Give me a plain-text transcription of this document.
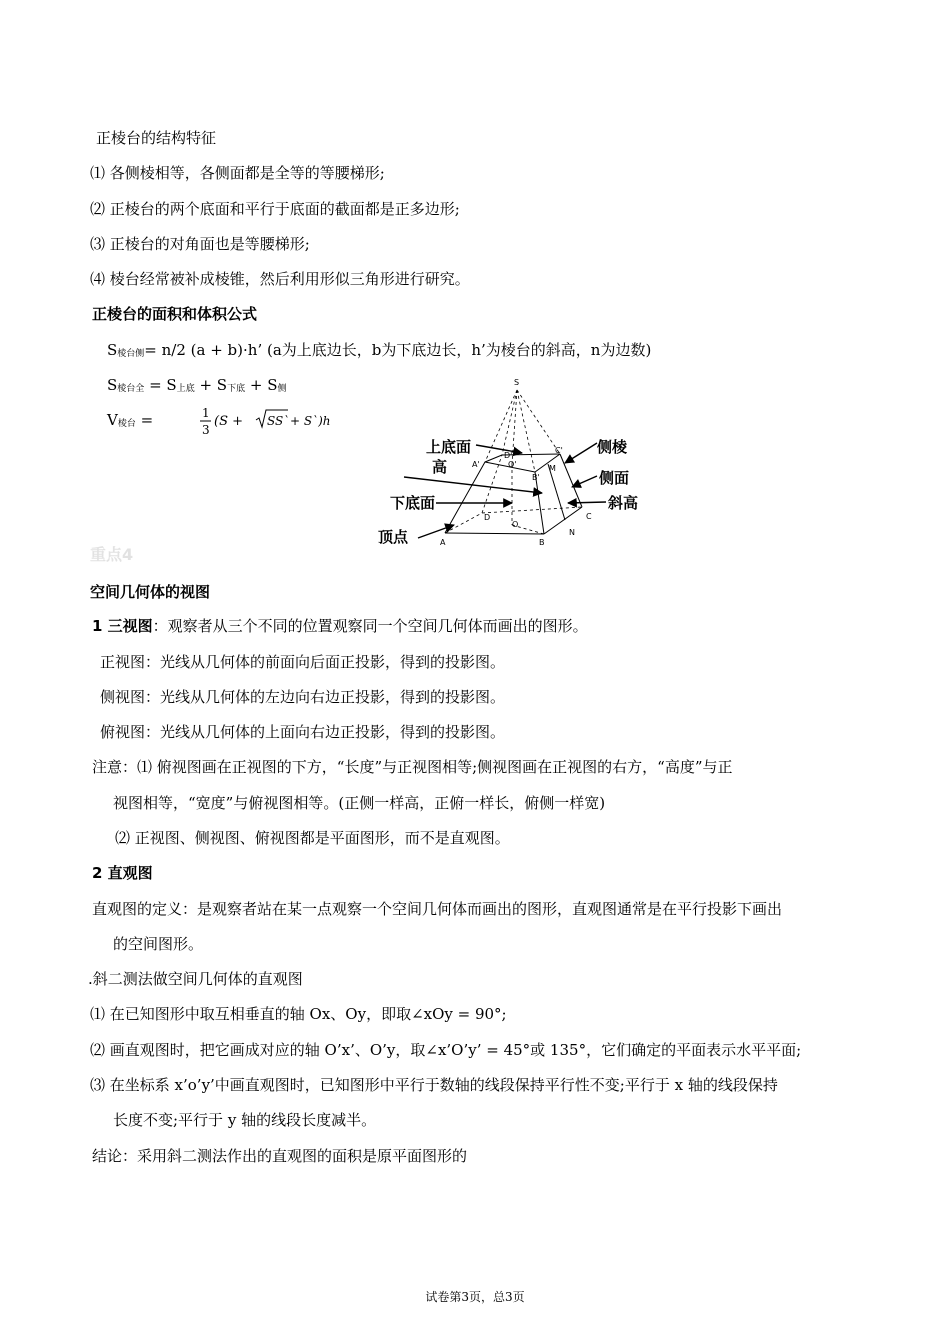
正棱台的结构特征
⑴ 各侧棱相等，各侧面都是全等的等腰梯形;
⑵ 正棱台的两个底面和平行于底面的截面都是正多边形;
⑶ 正棱台的对角面也是等腰梯形;
⑷ 棱台经常被补成棱锥，然后利用形似三角形进行研究。
正棱台的面积和体积公式
S棱台侧= n/2 (a + b)·h’ (a为上底边长，b为下底边长，h’为棱台的斜高，n为边数)
S棱台全 = S上底 + S下底 + S侧
V棱台 =	1
3
(S + SS` + S`)h
S
A'
D'
O'
C'
B'
M
D
O
C
A	B
N
上底面
高
下底面
顶点
侧棱
侧面
斜高
重点4
空间几何体的视图
1 三视图：观察者从三个不同的位置观察同一个空间几何体而画出的图形。
正视图：光线从几何体的前面向后面正投影，得到的投影图。
侧视图：光线从几何体的左边向右边正投影，得到的投影图。
俯视图：光线从几何体的上面向右边正投影，得到的投影图。
注意：⑴ 俯视图画在正视图的下方，“长度”与正视图相等;侧视图画在正视图的右方，“高度”与正
视图相等，“宽度”与俯视图相等。(正侧一样高，正俯一样长，俯侧一样宽)
⑵ 正视图、侧视图、俯视图都是平面图形，而不是直观图。
2 直观图
直观图的定义：是观察者站在某一点观察一个空间几何体而画出的图形，直观图通常是在平行投影下画出
的空间图形。
.斜二测法做空间几何体的直观图
⑴ 在已知图形中取互相垂直的轴 Ox、Oy，即取∠xOy = 90°;
⑵ 画直观图时，把它画成对应的轴 O’x’、O’y，取∠x’O’y’ = 45°或 135°，它们确定的平面表示水平平面;
⑶ 在坐标系 x’o’y’中画直观图时，已知图形中平行于数轴的线段保持平行性不变;平行于 x 轴的线段保持
长度不变;平行于 y 轴的线段长度减半。
结论：采用斜二测法作出的直观图的面积是原平面图形的
试卷第3页，总3页
